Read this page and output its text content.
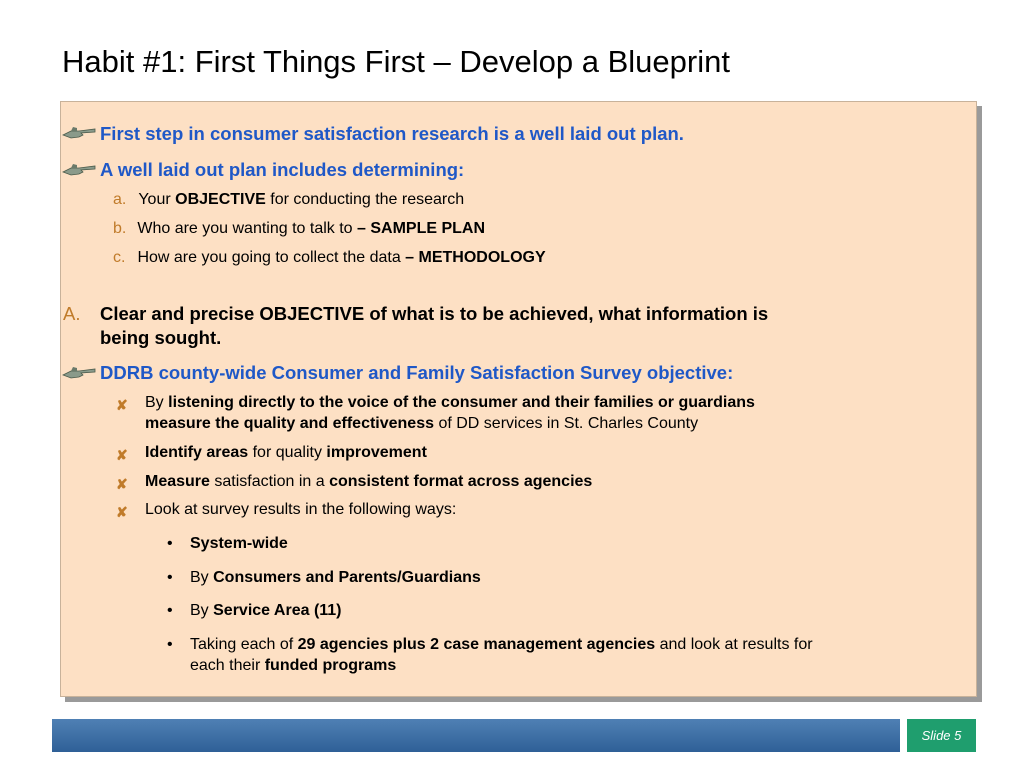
Habit #1: First Things First – Develop a Blueprint
First step in consumer satisfaction research is a well laid out plan.
A well laid out plan includes determining:
a. Your OBJECTIVE for conducting the research
b. Who are you wanting to talk to – SAMPLE PLAN
c. How are you going to collect the data – METHODOLOGY
A. Clear and precise OBJECTIVE of what is to be achieved, what information is
being sought.
DDRB county-wide Consumer and Family Satisfaction Survey objective:
✘ By listening directly to the voice of the consumer and their families or guardians
measure the quality and effectiveness of DD services in St. Charles County
✘ Identify areas for quality improvement
✘ Measure satisfaction in a consistent format across agencies
✘ Look at survey results in the following ways:
• System-wide
• By Consumers and Parents/Guardians
• By Service Area (11)
• Taking each of 29 agencies plus 2 case management agencies and look at results for
each their funded programs
Slide 5
